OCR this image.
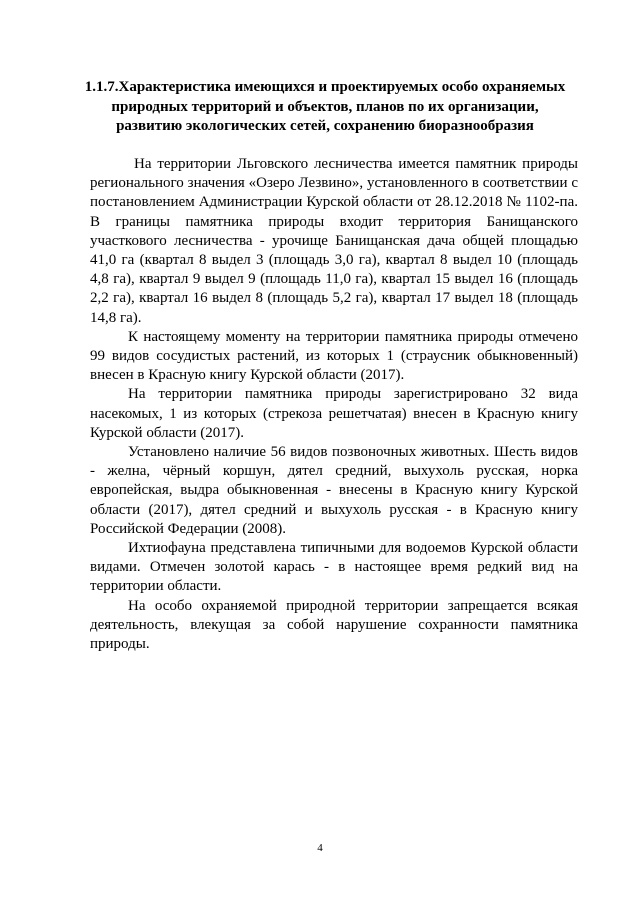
1.1.7.Характеристика имеющихся и проектируемых особо охраняемых
природных территорий и объектов, планов по их организации,
развитию экологических сетей, сохранению биоразнообразия

На территории Льговского лесничества имеется памятник природы регионального значения «Озеро Лезвино», установленного в соответствии с постановлением Администрации Курской области от 28.12.2018 № 1102-па. В границы памятника природы входит территория Банищанского участкового лесничества - урочище Банищанская дача общей площадью 41,0 га (квартал 8 выдел 3 (площадь 3,0 га), квартал 8 выдел 10 (площадь 4,8 га), квартал 9 выдел 9 (площадь 11,0 га), квартал 15 выдел 16 (площадь 2,2 га), квартал 16 выдел 8 (площадь 5,2 га), квартал 17 выдел 18 (площадь 14,8 га).

К настоящему моменту на территории памятника природы отмечено 99 видов сосудистых растений, из которых 1 (страусник обыкновенный) внесен в Красную книгу Курской области (2017).

На территории памятника природы зарегистрировано 32 вида насекомых, 1 из которых (стрекоза решетчатая) внесен в Красную книгу Курской области (2017).

Установлено наличие 56 видов позвоночных животных. Шесть видов - желна, чёрный коршун, дятел средний, выхухоль русская, норка европейская, выдра обыкновенная - внесены в Красную книгу Курской области (2017), дятел средний и выхухоль русская - в Красную книгу Российской Федерации (2008).

Ихтиофауна представлена типичными для водоемов Курской области видами. Отмечен золотой карась - в настоящее время редкий вид на территории области.

На особо охраняемой природной территории запрещается всякая деятельность, влекущая за собой нарушение сохранности памятника природы.

4
